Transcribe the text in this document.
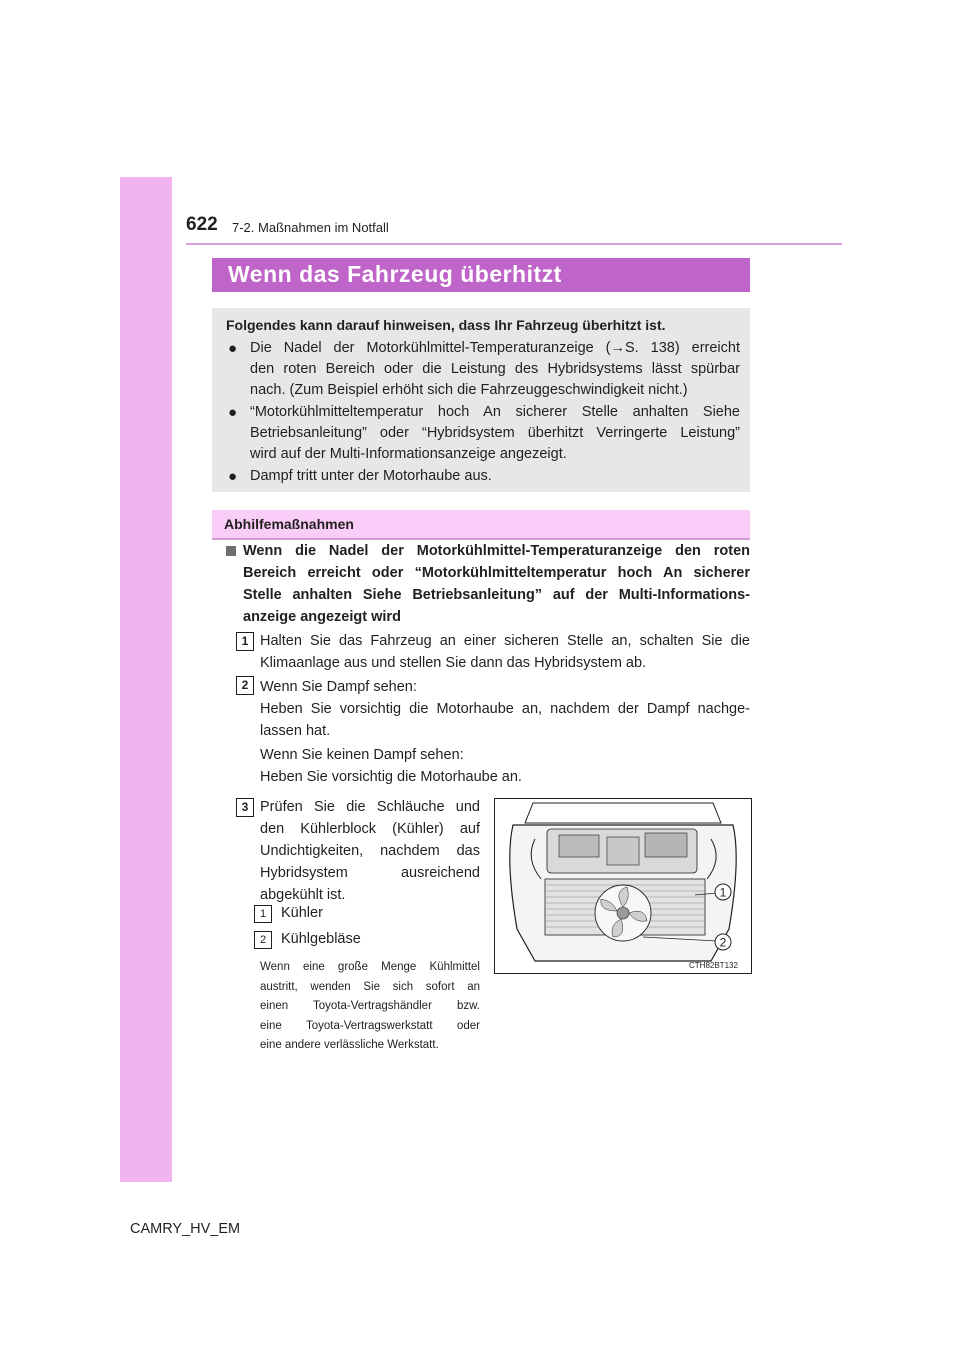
622 7-2. Maßnahmen im Notfall
Wenn das Fahrzeug überhitzt
Folgendes kann darauf hinweisen, dass Ihr Fahrzeug überhitzt ist.
● Die Nadel der Motorkühlmittel-Temperaturanzeige (→S. 138) erreicht
den roten Bereich oder die Leistung des Hybridsystems lässt spürbar
nach. (Zum Beispiel erhöht sich die Fahrzeuggeschwindigkeit nicht.)
● “Motorkühlmitteltemperatur hoch An sicherer Stelle anhalten Siehe
Betriebsanleitung” oder “Hybridsystem überhitzt Verringerte Leistung”
wird auf der Multi-Informationsanzeige angezeigt.
● Dampf tritt unter der Motorhaube aus.
Abhilfemaßnahmen
Wenn die Nadel der Motorkühlmittel-Temperaturanzeige den roten
Bereich erreicht oder “Motorkühlmitteltemperatur hoch An sicherer
Stelle anhalten Siehe Betriebsanleitung” auf der Multi-Informations-
anzeige angezeigt wird
1 Halten Sie das Fahrzeug an einer sicheren Stelle an, schalten Sie die
Klimaanlage aus und stellen Sie dann das Hybridsystem ab.
2 Wenn Sie Dampf sehen:
Heben Sie vorsichtig die Motorhaube an, nachdem der Dampf nachge-
lassen hat.
Wenn Sie keinen Dampf sehen:
Heben Sie vorsichtig die Motorhaube an.
3 Prüfen Sie die Schläuche und
den Kühlerblock (Kühler) auf
Undichtigkeiten, nachdem das
Hybridsystem ausreichend
abgekühlt ist.
1	Kühler
2	Kühlgebläse
Wenn eine große Menge Kühlmittel
austritt, wenden Sie sich sofort an
einen Toyota-Vertragshändler bzw.
eine Toyota-Vertragswerkstatt oder
eine andere verlässliche Werkstatt.
1
2
CTH82BT132
CAMRY_HV_EM
